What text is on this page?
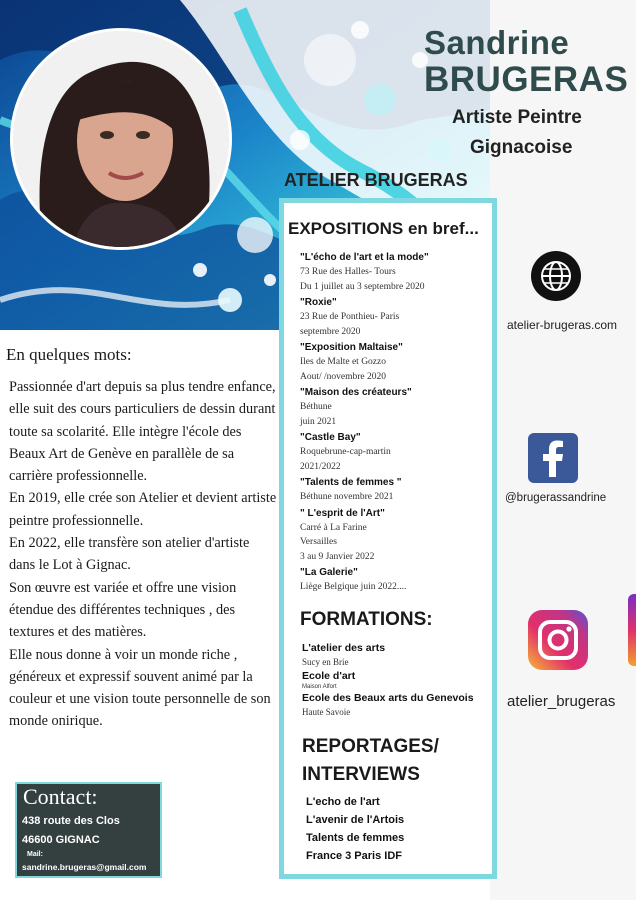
Sandrine
BRUGERAS
Artiste Peintre
Gignacoise
ATELIER BRUGERAS
EXPOSITIONS en bref...
"L'écho de l'art et la mode"
73 Rue des Halles- Tours
Du 1 juillet au 3 septembre 2020
"Roxie"
23 Rue de Ponthieu- Paris
septembre 2020
"Exposition Maltaise"
Iles de Malte et Gozzo
Aout/ /novembre 2020
"Maison des créateurs"
Béthune
juin 2021
"Castle Bay"
Roquebrune-cap-martin
2021/2022
"Talents de femmes "
Béthune novembre 2021
" L'esprit de l'Art"
Carré à La Farine
Versailles
3 au 9 Janvier 2022
"La Galerie"
Liège Belgique juin 2022....
FORMATIONS:
L'atelier des arts
Sucy en Brie
Ecole d'art
Maison Alfort
Ecole des Beaux arts du Genevois
Haute Savoie
REPORTAGES/ INTERVIEWS
L'echo de l'art
L'avenir de l'Artois
Talents de femmes
France 3 Paris IDF
En quelques mots:

Passionnée d'art depuis sa plus tendre enfance, elle suit des cours particuliers de dessin durant toute sa scolarité. Elle intègre l'école des Beaux Art de Genève en parallèle de sa carrière professionnelle.

En 2019, elle crée son Atelier et devient artiste peintre professionnelle.

En 2022, elle transfère son atelier d'artiste dans le Lot à Gignac.

Son œuvre est variée et offre une vision étendue des différentes techniques , des textures et des matières.

Elle nous donne à voir un monde riche , généreux et expressif souvent animé par la couleur et une vision toute personnelle de son monde onirique.

Contact:
438 route des Clos
46600 GIGNAC
Mail:
sandrine.brugeras@gmail.com
atelier-brugeras.com
@brugerassandrine
atelier_brugeras
